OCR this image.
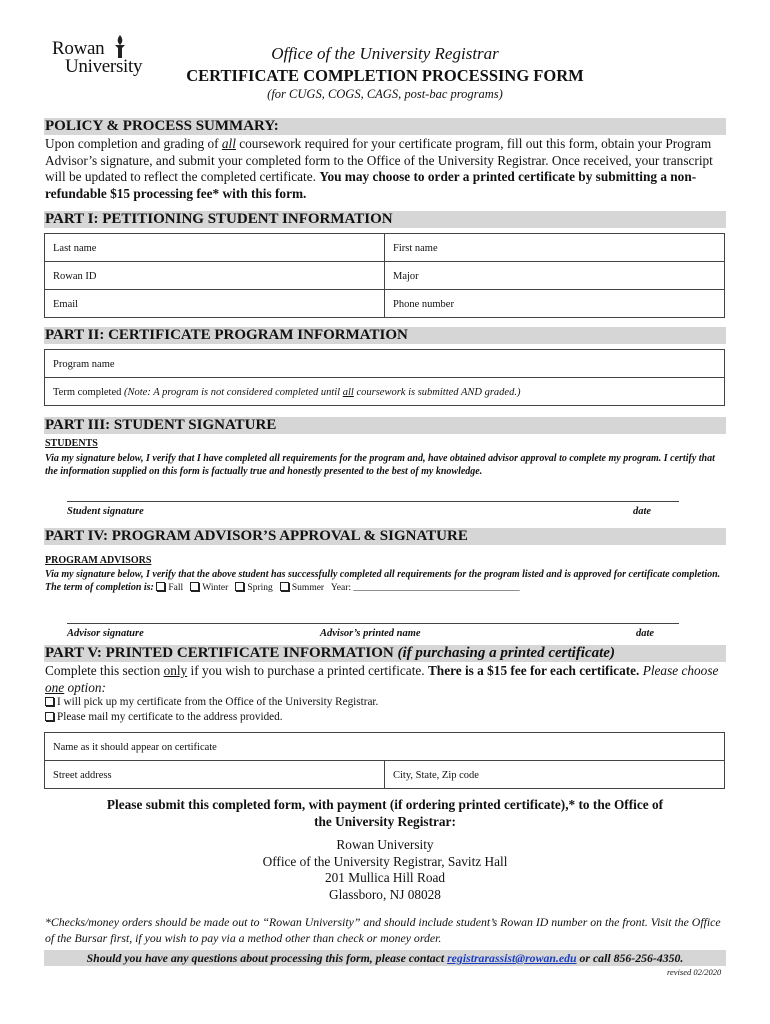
Rowan
University
Office of the University Registrar
CERTIFICATE COMPLETION PROCESSING FORM
(for CUGS, COGS, CAGS, post-bac programs)
POLICY & PROCESS SUMMARY:
Upon completion and grading of all coursework required for your certificate program, fill out this form, obtain your Program Advisor’s signature, and submit your completed form to the Office of the University Registrar. Once received, your transcript will be updated to reflect the completed certificate. You may choose to order a printed certificate by submitting a non-refundable $15 processing fee* with this form.
PART I: PETITIONING STUDENT INFORMATION
Last name	First name
Rowan ID	Major
Email	Phone number
PART II: CERTIFICATE PROGRAM INFORMATION
Program name
Term completed (Note: A program is not considered completed until all coursework is submitted AND graded.)
PART III: STUDENT SIGNATURE
STUDENTS
Via my signature below, I verify that I have completed all requirements for the program and, have obtained advisor approval to complete my program. I certify that the information supplied on this form is factually true and honestly presented to the best of my knowledge.
Student signature	date
PART IV: PROGRAM ADVISOR’S APPROVAL & SIGNATURE
PROGRAM ADVISORS
Via my signature below, I verify that the above student has successfully completed all requirements for the program listed and is approved for certificate completion. The term of completion is: Fall Winter Spring Summer Year: ___________________________________
Advisor signature	Advisor’s printed name	date
PART V: PRINTED CERTIFICATE INFORMATION (if purchasing a printed certificate)
Complete this section only if you wish to purchase a printed certificate. There is a $15 fee for each certificate. Please choose one option:
I will pick up my certificate from the Office of the University Registrar.
Please mail my certificate to the address provided.
Name as it should appear on certificate
Street address	City, State, Zip code
Please submit this completed form, with payment (if ordering printed certificate),* to the Office of
the University Registrar:
Rowan University
Office of the University Registrar, Savitz Hall
201 Mullica Hill Road
Glassboro, NJ 08028
*Checks/money orders should be made out to “Rowan University” and should include student’s Rowan ID number on the front. Visit the Office of the Bursar first, if you wish to pay via a method other than check or money order.
Should you have any questions about processing this form, please contact registrarassist@rowan.edu or call 856-256-4350.
revised 02/2020
